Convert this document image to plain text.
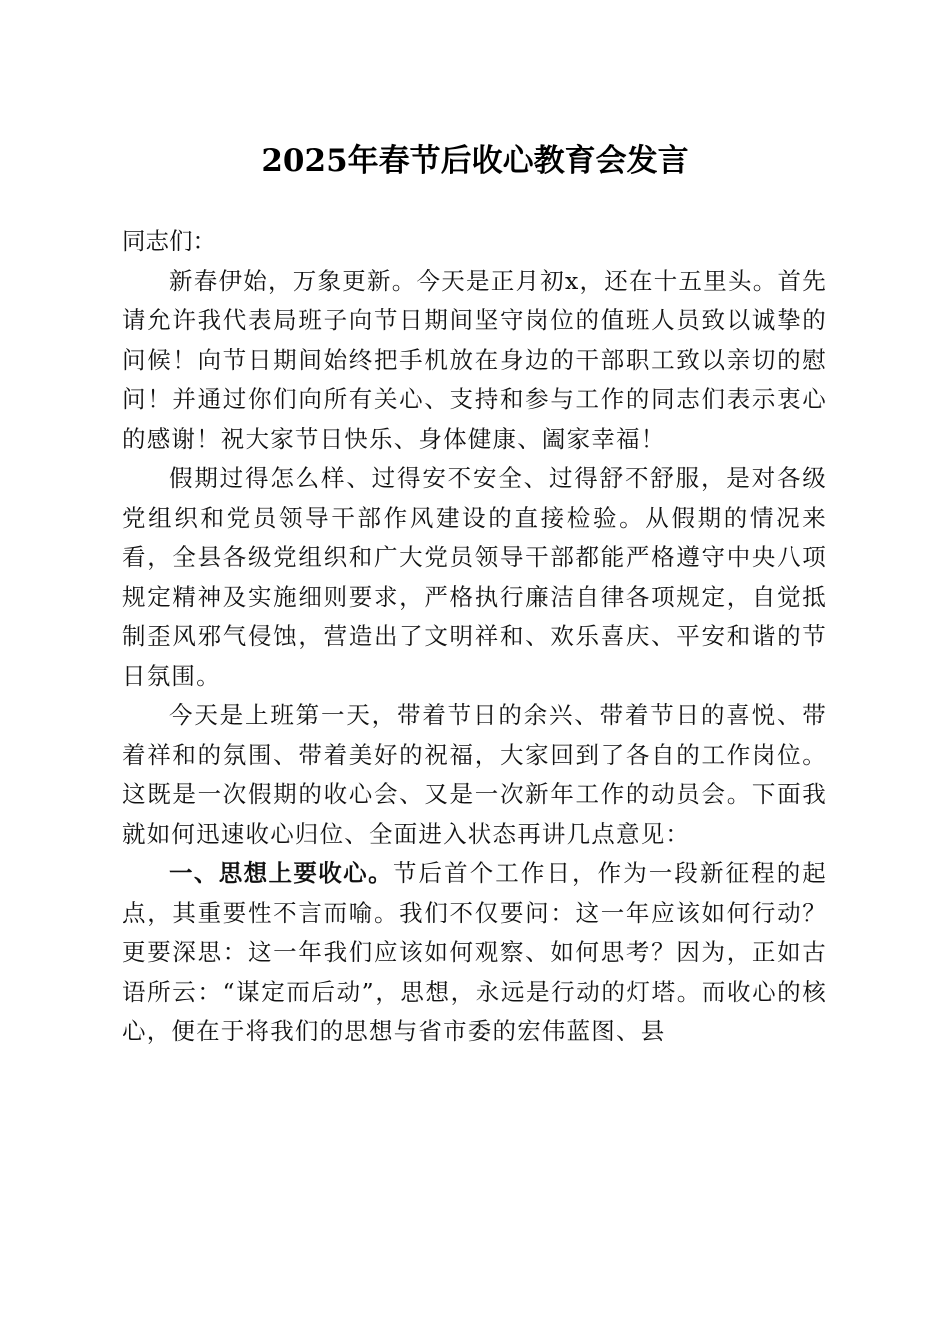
2025年春节后收心教育会发言

同志们：

新春伊始，万象更新。今天是正月初x，还在十五里头。首先请允许我代表局班子向节日期间坚守岗位的值班人员致以诚挚的问候！向节日期间始终把手机放在身边的干部职工致以亲切的慰问！并通过你们向所有关心、支持和参与工作的同志们表示衷心的感谢！祝大家节日快乐、身体健康、阖家幸福！

假期过得怎么样、过得安不安全、过得舒不舒服，是对各级党组织和党员领导干部作风建设的直接检验。从假期的情况来看，全县各级党组织和广大党员领导干部都能严格遵守中央八项规定精神及实施细则要求，严格执行廉洁自律各项规定，自觉抵制歪风邪气侵蚀，营造出了文明祥和、欢乐喜庆、平安和谐的节日氛围。

今天是上班第一天，带着节日的余兴、带着节日的喜悦、带着祥和的氛围、带着美好的祝福，大家回到了各自的工作岗位。这既是一次假期的收心会、又是一次新年工作的动员会。下面我就如何迅速收心归位、全面进入状态再讲几点意见：

一、思想上要收心。节后首个工作日，作为一段新征程的起点，其重要性不言而喻。我们不仅要问：这一年应该如何行动？更要深思：这一年我们应该如何观察、如何思考？因为，正如古语所云：“谋定而后动”，思想，永远是行动的灯塔。而收心的核心，便在于将我们的思想与省市委的宏伟蓝图、县
